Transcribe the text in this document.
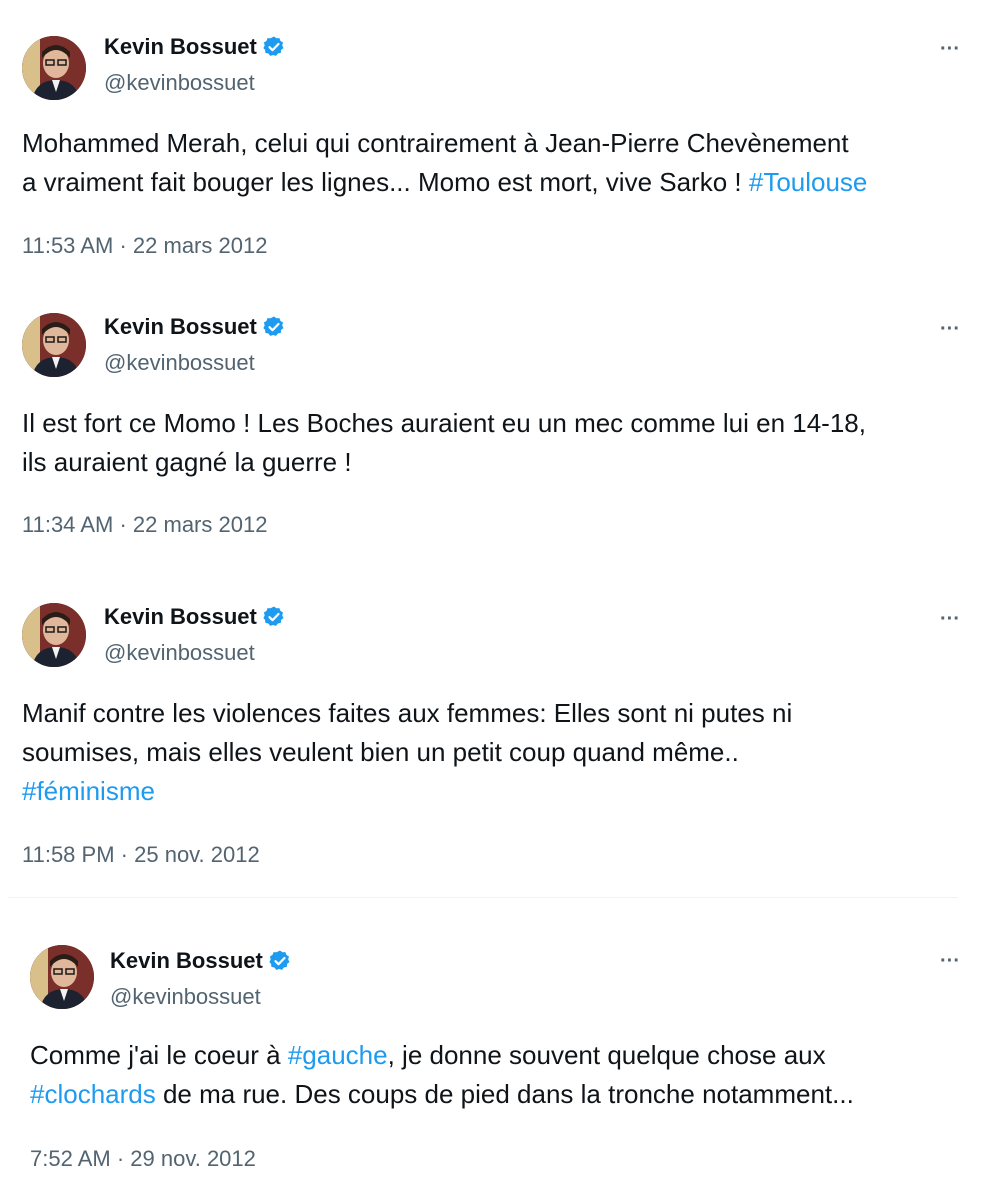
Kevin Bossuet
@kevinbossuet
···
Mohammed Merah, celui qui contrairement à Jean-Pierre Chevènement
a vraiment fait bouger les lignes... Momo est mort, vive Sarko ! #Toulouse
11:53 AM · 22 mars 2012
Kevin Bossuet
@kevinbossuet
···
Il est fort ce Momo ! Les Boches auraient eu un mec comme lui en 14-18,
ils auraient gagné la guerre !
11:34 AM · 22 mars 2012
Kevin Bossuet
@kevinbossuet
···
Manif contre les violences faites aux femmes: Elles sont ni putes ni
soumises, mais elles veulent bien un petit coup quand même..
#féminisme
11:58 PM · 25 nov. 2012
Kevin Bossuet
@kevinbossuet
···
Comme j'ai le coeur à #gauche, je donne souvent quelque chose aux
#clochards de ma rue. Des coups de pied dans la tronche notamment...
7:52 AM · 29 nov. 2012
